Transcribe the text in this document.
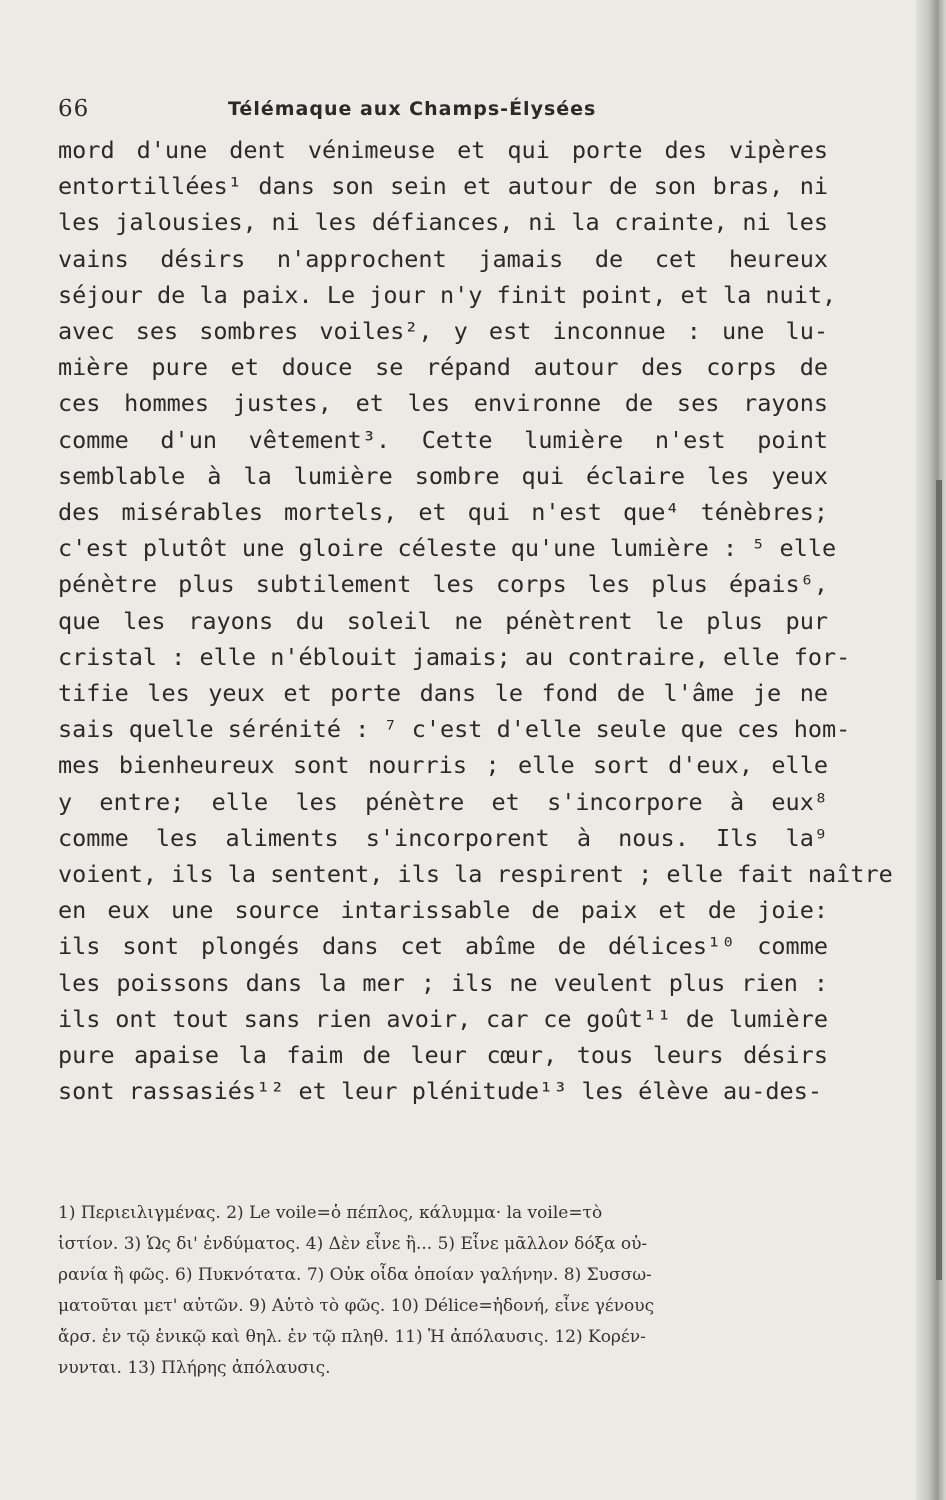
66	Télémaque aux Champs-Élysées
mord d'une dent vénimeuse et qui porte des vipères
entortillées¹ dans son sein et autour de son bras, ni
les jalousies, ni les défiances, ni la crainte, ni les
vains désirs n'approchent jamais de cet heureux
séjour de la paix. Le jour n'y finit point, et la nuit,
avec ses sombres voiles², y est inconnue : une lu-
mière pure et douce se répand autour des corps de
ces hommes justes, et les environne de ses rayons
comme d'un vêtement³. Cette lumière n'est point
semblable à la lumière sombre qui éclaire les yeux
des misérables mortels, et qui n'est que⁴ ténèbres;
c'est plutôt une gloire céleste qu'une lumière : ⁵ elle
pénètre plus subtilement les corps les plus épais⁶,
que les rayons du soleil ne pénètrent le plus pur
cristal : elle n'éblouit jamais; au contraire, elle for-
tifie les yeux et porte dans le fond de l'âme je ne
sais quelle sérénité : ⁷ c'est d'elle seule que ces hom-
mes bienheureux sont nourris ; elle sort d'eux, elle
y entre; elle les pénètre et s'incorpore à eux⁸
comme les aliments s'incorporent à nous. Ils la⁹
voient, ils la sentent, ils la respirent ; elle fait naître
en eux une source intarissable de paix et de joie:
ils sont plongés dans cet abîme de délices¹⁰ comme
les poissons dans la mer ; ils ne veulent plus rien :
ils ont tout sans rien avoir, car ce goût¹¹ de lumière
pure apaise la faim de leur cœur, tous leurs désirs
sont rassasiés¹² et leur plénitude¹³ les élève au-des-
1) Περιειλιγμένας. 2) Le voile=ὁ πέπλος, κάλυμμα· la voile=τὸ
ἱστίον. 3) Ὡς δι' ἐνδύματος. 4) Δὲν εἶνε ἢ... 5) Εἶνε μᾶλλον δόξα οὐ-
ρανία ἢ φῶς. 6) Πυκνότατα. 7) Οὐκ οἶδα ὁποίαν γαλήνην. 8) Συσσω-
ματοῦται μετ' αὐτῶν. 9) Αὐτὸ τὸ φῶς. 10) Délice=ἡδονή, εἶνε γένους
ἄρσ. ἐν τῷ ἑνικῷ καὶ θηλ. ἐν τῷ πληθ. 11) Ἡ ἀπόλαυσις. 12) Κορέν-
νυνται. 13) Πλήρης ἀπόλαυσις.
